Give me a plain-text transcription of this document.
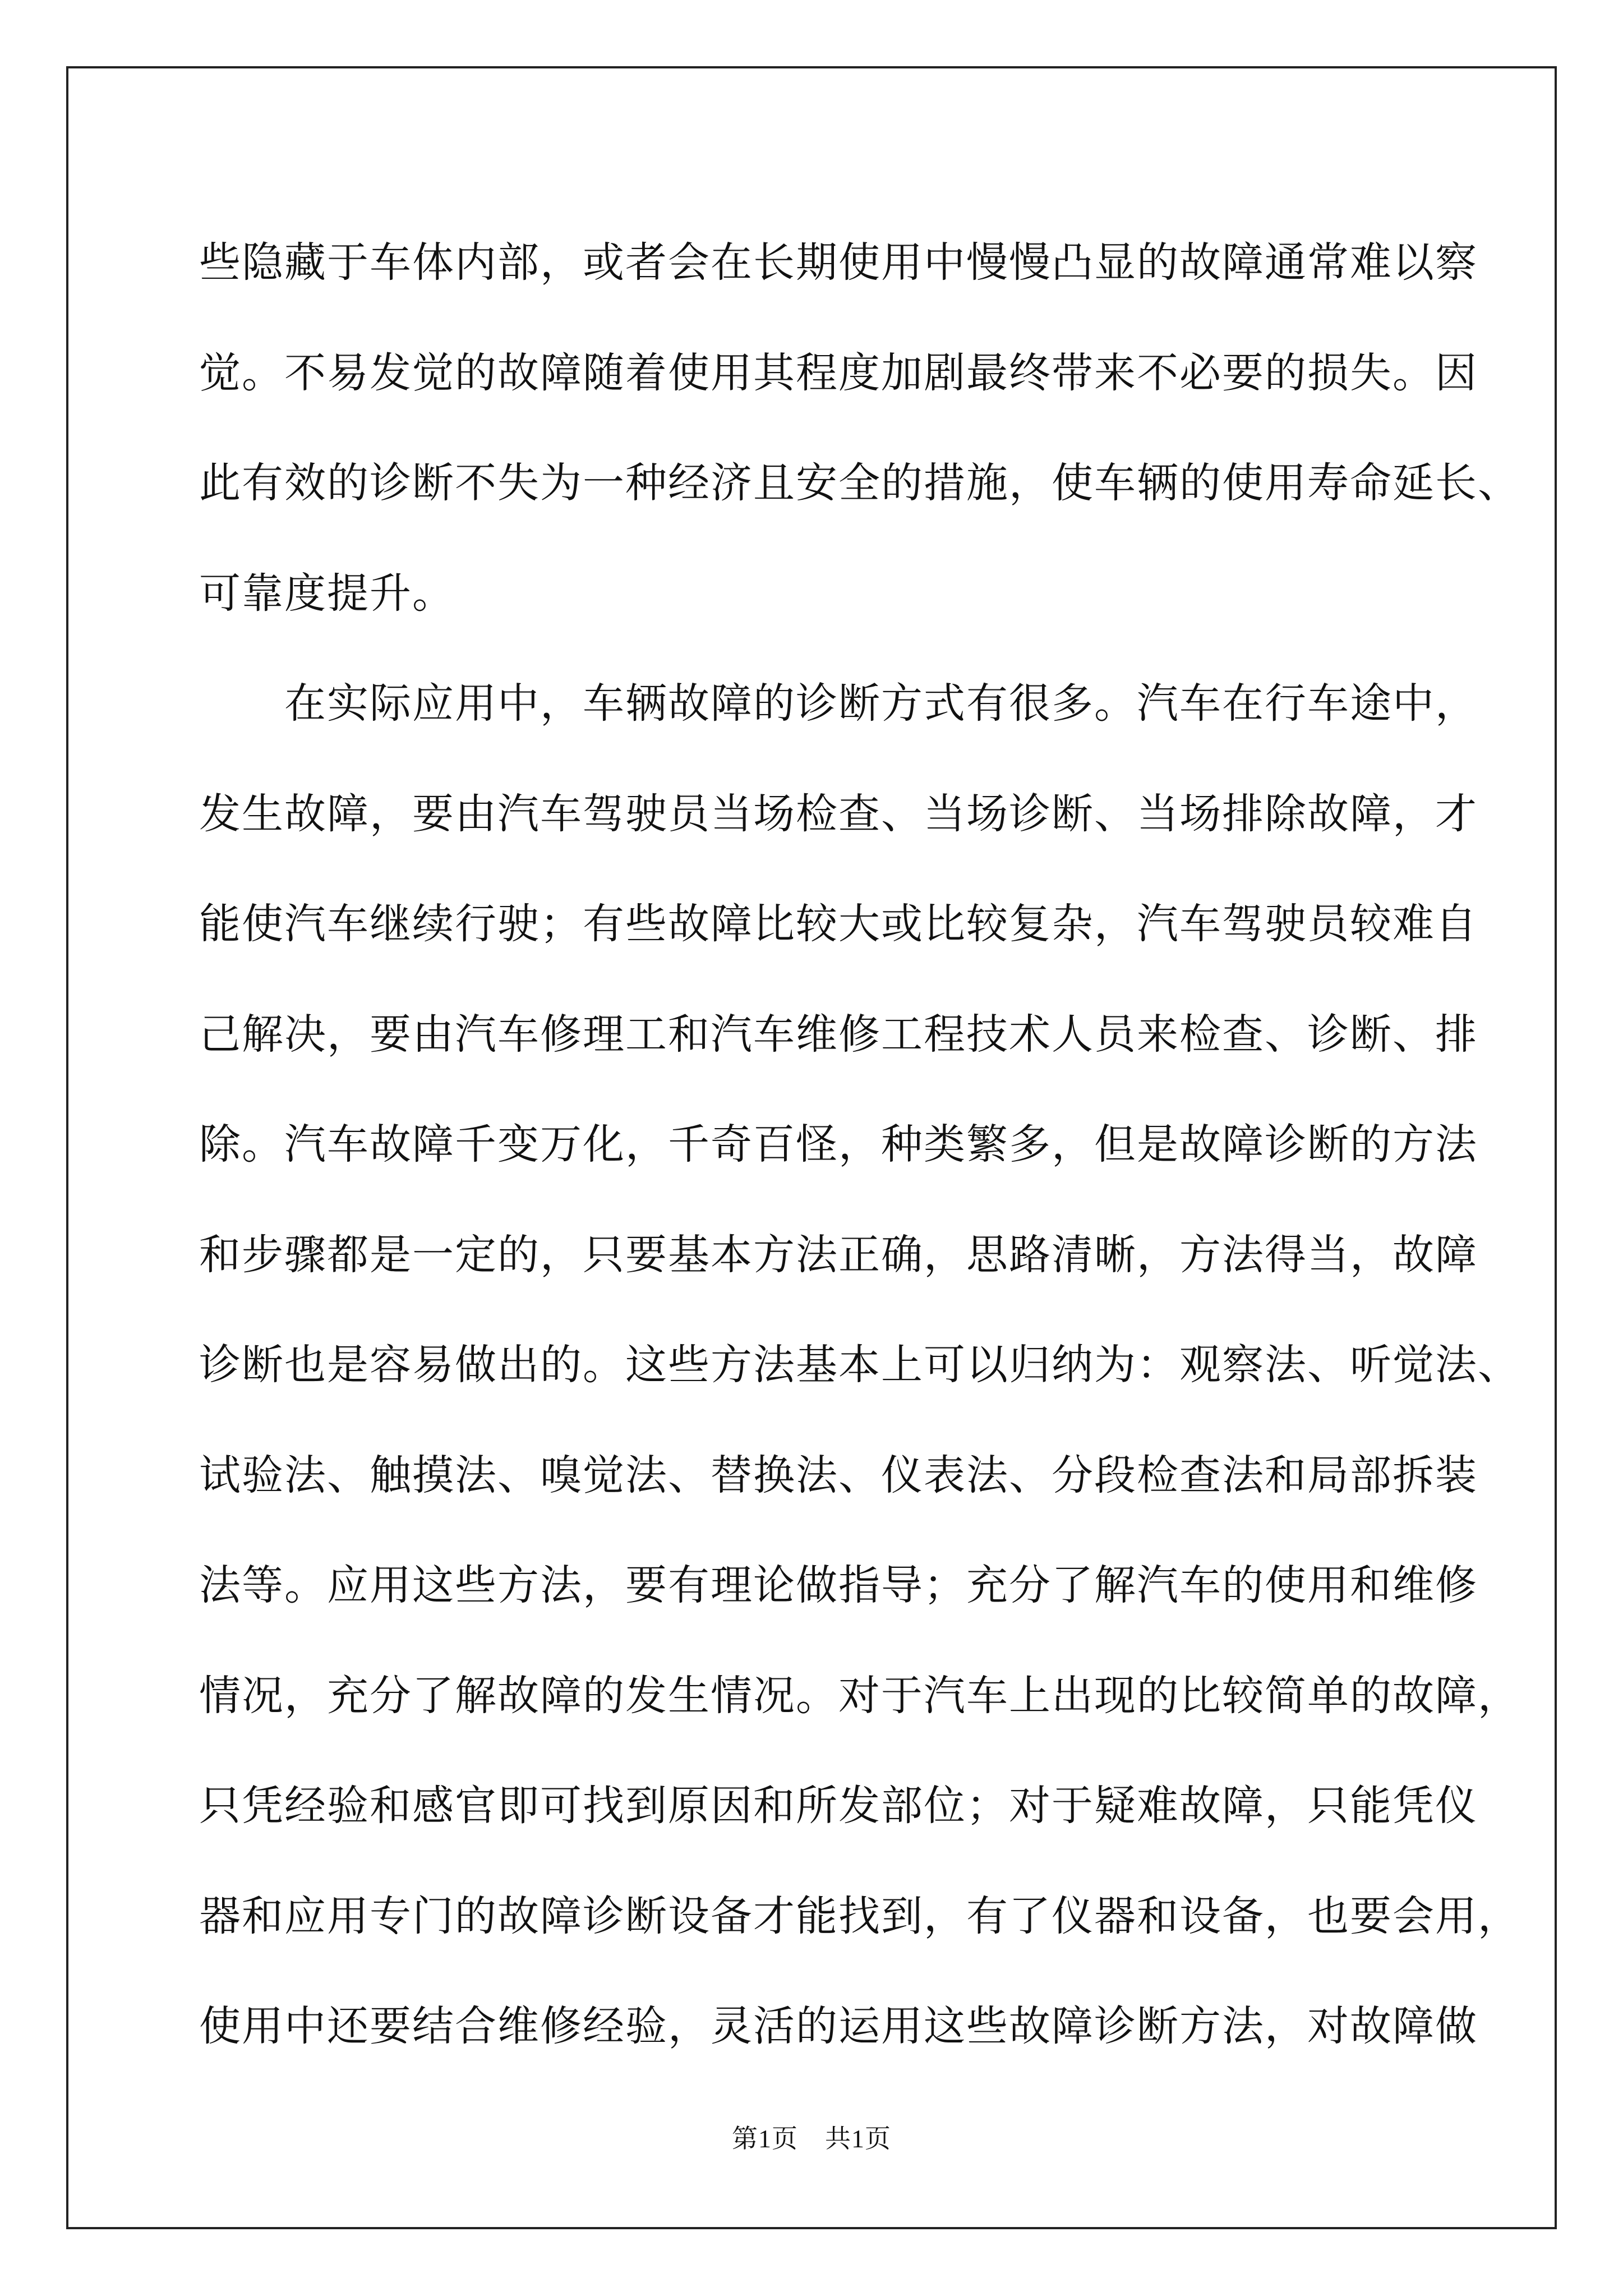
些隐藏于车体内部，或者会在长期使用中慢慢凸显的故障通常难以察
觉。不易发觉的故障随着使用其程度加剧最终带来不必要的损失。因
此有效的诊断不失为一种经济且安全的措施，使车辆的使用寿命延长、
可靠度提升。
　　在实际应用中，车辆故障的诊断方式有很多。汽车在行车途中，
发生故障，要由汽车驾驶员当场检查、当场诊断、当场排除故障，才
能使汽车继续行驶；有些故障比较大或比较复杂，汽车驾驶员较难自
己解决，要由汽车修理工和汽车维修工程技术人员来检查、诊断、排
除。汽车故障千变万化，千奇百怪，种类繁多，但是故障诊断的方法
和步骤都是一定的，只要基本方法正确，思路清晰，方法得当，故障
诊断也是容易做出的。这些方法基本上可以归纳为：观察法、听觉法、
试验法、触摸法、嗅觉法、替换法、仪表法、分段检查法和局部拆装
法等。应用这些方法，要有理论做指导；充分了解汽车的使用和维修
情况，充分了解故障的发生情况。对于汽车上出现的比较简单的故障，
只凭经验和感官即可找到原因和所发部位；对于疑难故障，只能凭仪
器和应用专门的故障诊断设备才能找到，有了仪器和设备，也要会用，
使用中还要结合维修经验，灵活的运用这些故障诊断方法，对故障做
第1页 共1页
